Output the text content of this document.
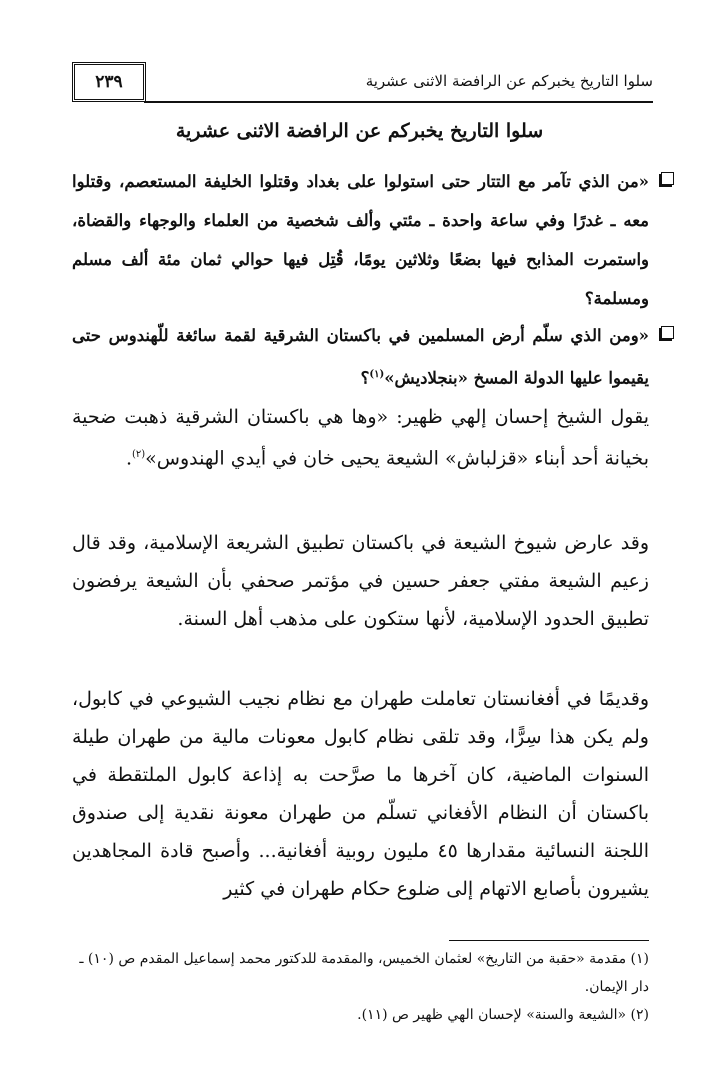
٢٣٩	سلوا التاريخ يخبركم عن الرافضة الاثنى عشرية
سلوا التاريخ يخبركم عن الرافضة الاثنى عشرية
«من الذي تآمر مع التتار حتى استولوا على بغداد وقتلوا الخليفة المستعصم، وقتلوا معه ـ غدرًا وفي ساعة واحدة ـ مئتي وألف شخصية من العلماء والوجهاء والقضاة، واستمرت المذابح فيها بضعًا وثلاثين يومًا، قُتِل فيها حوالي ثمان مئة ألف مسلم ومسلمة؟
«ومن الذي سلّم أرض المسلمين في باكستان الشرقية لقمة سائغة للّهندوس حتى يقيموا عليها الدولة المسخ «بنجلاديش»$^{(١)}$؟
يقول الشيخ إحسان إلهي ظهير: «وها هي باكستان الشرقية ذهبت ضحية بخيانة أحد أبناء «قزلباش» الشيعة يحيى خان في أيدي الهندوس»$^{(٢)}$.
وقد عارض شيوخ الشيعة في باكستان تطبيق الشريعة الإسلامية، وقد قال زعيم الشيعة مفتي جعفر حسين في مؤتمر صحفي بأن الشيعة يرفضون تطبيق الحدود الإسلامية، لأنها ستكون على مذهب أهل السنة.
وقديمًا في أفغانستان تعاملت طهران مع نظام نجيب الشيوعي في كابول، ولم يكن هذا سِرًّا، وقد تلقى نظام كابول معونات مالية من طهران طيلة السنوات الماضية، كان آخرها ما صرَّحت به إذاعة كابول الملتقطة في باكستان أن النظام الأفغاني تسلّم من طهران معونة نقدية إلى صندوق اللجنة النسائية مقدارها ٤٥ مليون روبية أفغانية... وأصبح قادة المجاهدين يشيرون بأصابع الاتهام إلى ضلوع حكام طهران في كثير
(١) مقدمة «حقبة من التاريخ» لعثمان الخميس، والمقدمة للدكتور محمد إسماعيل المقدم ص (١٠) ـ دار الإيمان.
(٢) «الشيعة والسنة» لإحسان الهي ظهير ص (١١).
